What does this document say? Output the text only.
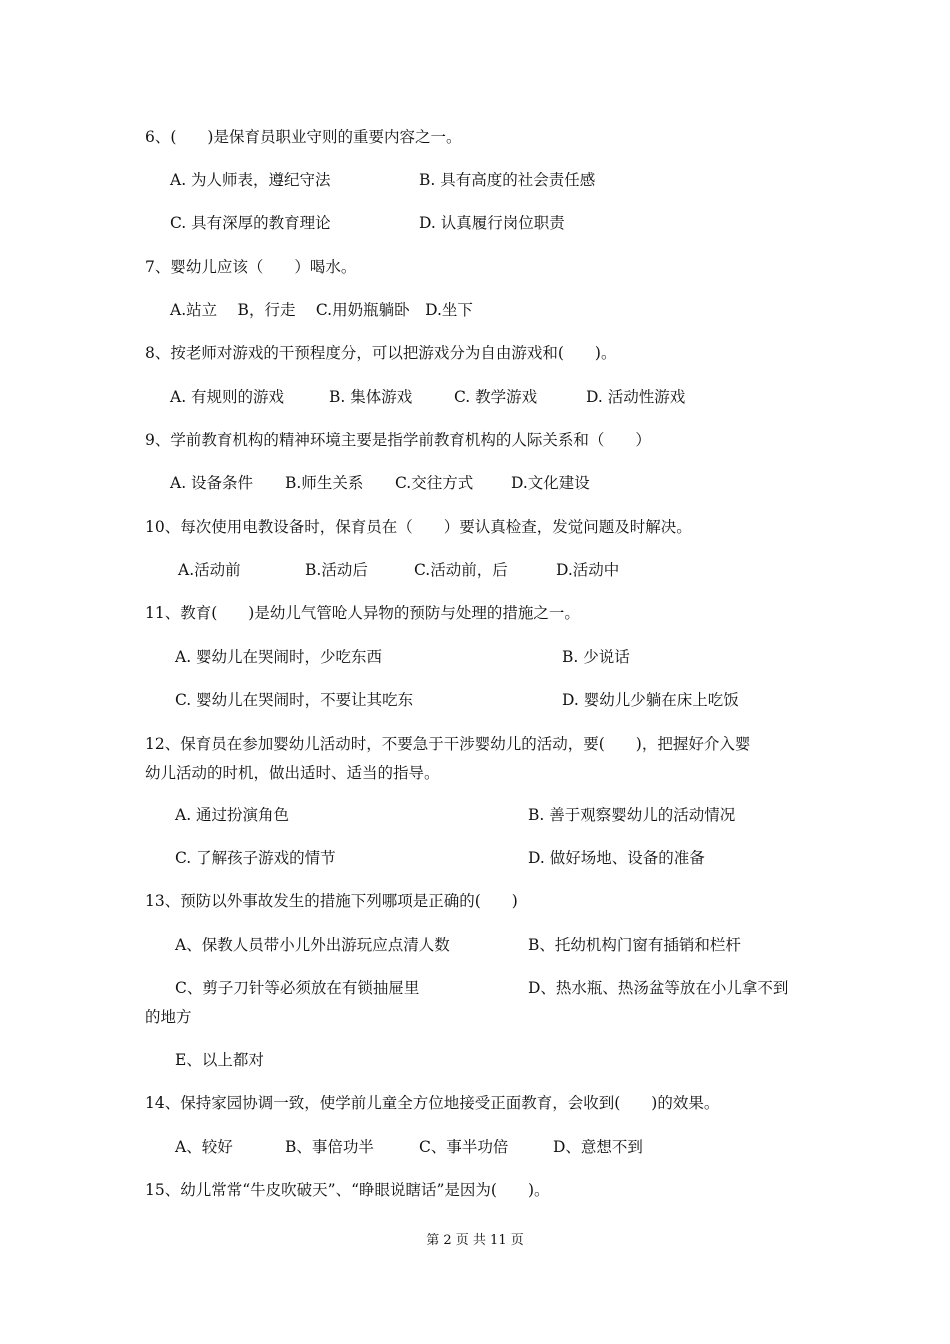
6、(　　)是保育员职业守则的重要内容之一。
A. 为人师表，遵纪守法	B. 具有高度的社会责任感
C. 具有深厚的教育理论	D. 认真履行岗位职责
7、婴幼儿应该（　　）喝水。
A.站立　 B，行走　 C.用奶瓶躺卧　D.坐下
8、按老师对游戏的干预程度分，可以把游戏分为自由游戏和(　　)。
A. 有规则的游戏	B. 集体游戏	C. 教学游戏	D. 活动性游戏
9、学前教育机构的精神环境主要是指学前教育机构的人际关系和（　　）
A. 设备条件 B.师生关系 C.交往方式 D.文化建设
10、每次使用电教设备时，保育员在（　　）要认真检查，发觉问题及时解决。
A.活动前	B.活动后	C.活动前，后	D.活动中
11、教育(　　)是幼儿气管呛人异物的预防与处理的措施之一。
A. 婴幼儿在哭闹时，少吃东西	B. 少说话
C. 婴幼儿在哭闹时，不要让其吃东	D. 婴幼儿少躺在床上吃饭
12、保育员在参加婴幼儿活动时，不要急于干涉婴幼儿的活动，要(　　)，把握好介入婴
幼儿活动的时机，做出适时、适当的指导。
A. 通过扮演角色	B. 善于观察婴幼儿的活动情况
C. 了解孩子游戏的情节	D. 做好场地、设备的准备
13、预防以外事故发生的措施下列哪项是正确的(　　)
A、保教人员带小儿外出游玩应点清人数	B、托幼机构门窗有插销和栏杆
C、剪子刀针等必须放在有锁抽屉里	D、热水瓶、热汤盆等放在小儿拿不到
的地方
E、以上都对
14、保持家园协调一致，使学前儿童全方位地接受正面教育，会收到(　　)的效果。
A、较好	B、事倍功半	C、事半功倍	D、意想不到
15、幼儿常常“牛皮吹破天”、“睁眼说瞎话”是因为(　　)。
第 2 页 共 11 页
